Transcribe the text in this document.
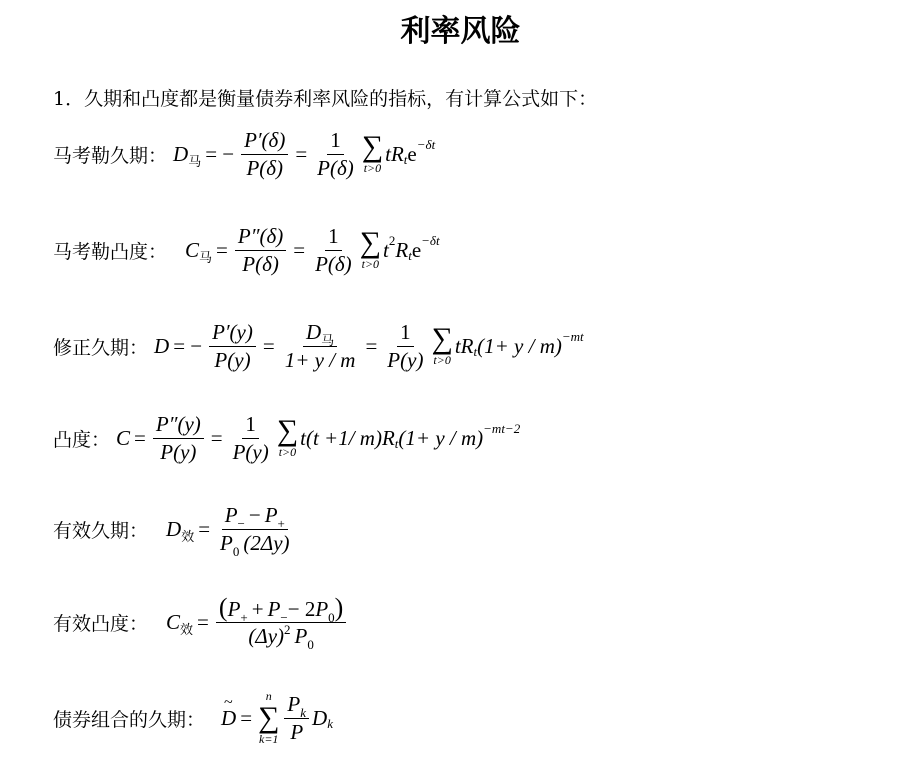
利率风险
1．久期和凸度都是衡量债券利率风险的指标，有计算公式如下：
马考勒久期： D 马 = − $\frac{P'(\delta)}{P(\delta)} = \frac{1}{P(\delta)}$ ∑
t>0
t R t e −δt
马考勒凸度： C 马 = $\frac{P''(\delta)}{P(\delta)} = \frac{1}{P(\delta)}$ ∑
t>0
t 2 R t e −δt
修正久期： D = − $\frac{P'(y)}{P(y)} = \frac{\text{D 马}}{1+ y / m} = \frac{1}{P(y)}$ ∑
t>0
t R t (1+ y / m) −mt
凸度： $C = \frac{P''(y)}{P(y)} = \frac{1}{P(y)}$ ∑
t>0
t(t +1/ m) R t (1+ y / m) −mt−2
有效久期： D 效 = $\frac{P - - P +}{P 0 (2\Delta y)}$
有效凸度： C 效 = $\frac{( P + + P - - 2 P 0 )}{(\Delta y) 2 P 0}$
债券组合的久期：
~
D =
n
∑
$k=1 \frac{\text{P k}}{P}$ D k
